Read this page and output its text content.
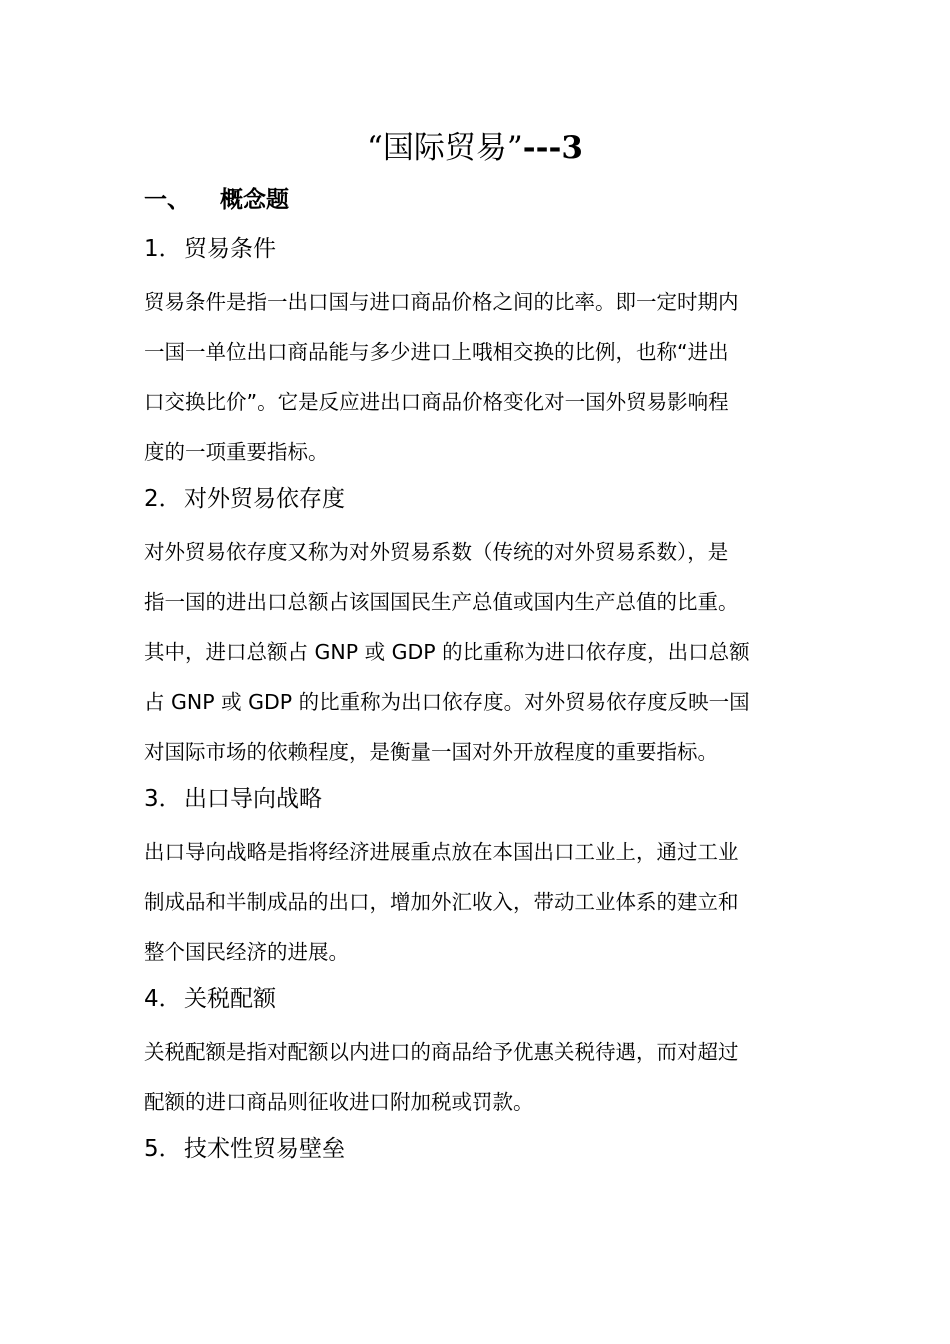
“国际贸易”---3
一、 概念题
1． 贸易条件

贸易条件是指一出口国与进口商品价格之间的比率。即一定时期内
一国一单位出口商品能与多少进口上哦相交换的比例，也称“进出
口交换比价”。它是反应进出口商品价格变化对一国外贸易影响程
度的一项重要指标。

2． 对外贸易依存度

对外贸易依存度又称为对外贸易系数（传统的对外贸易系数），是
指一国的进出口总额占该国国民生产总值或国内生产总值的比重。
其中，进口总额占 GNP 或 GDP 的比重称为进口依存度，出口总额
占 GNP 或 GDP 的比重称为出口依存度。对外贸易依存度反映一国
对国际市场的依赖程度，是衡量一国对外开放程度的重要指标。

3． 出口导向战略

出口导向战略是指将经济进展重点放在本国出口工业上，通过工业
制成品和半制成品的出口，增加外汇收入，带动工业体系的建立和
整个国民经济的进展。

4． 关税配额

关税配额是指对配额以内进口的商品给予优惠关税待遇，而对超过
配额的进口商品则征收进口附加税或罚款。

5． 技术性贸易壁垒
